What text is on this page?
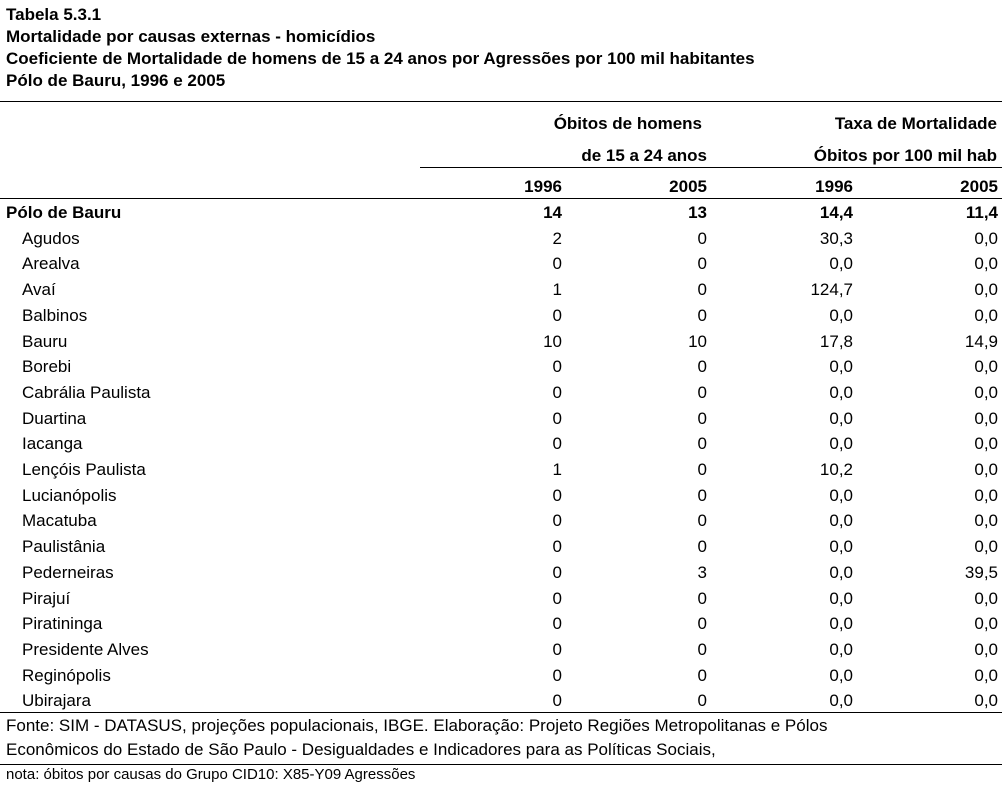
Tabela 5.3.1
Mortalidade por causas externas - homicídios
Coeficiente de Mortalidade de homens de 15 a 24 anos por Agressões por 100 mil habitantes
Pólo de Bauru, 1996 e 2005
Óbitos de homens
de 15 a 24 anos
Taxa de Mortalidade
Óbitos por 100 mil hab
1996	2005	1996	2005
Pólo de Bauru	14	13	14,4	11,4
Agudos	2	0	30,3	0,0
Arealva	0	0	0,0	0,0
Avaí	1	0	124,7	0,0
Balbinos	0	0	0,0	0,0
Bauru	10	10	17,8	14,9
Borebi	0	0	0,0	0,0
Cabrália Paulista	0	0	0,0	0,0
Duartina	0	0	0,0	0,0
Iacanga	0	0	0,0	0,0
Lençóis Paulista	1	0	10,2	0,0
Lucianópolis	0	0	0,0	0,0
Macatuba	0	0	0,0	0,0
Paulistânia	0	0	0,0	0,0
Pederneiras	0	3	0,0	39,5
Pirajuí	0	0	0,0	0,0
Piratininga	0	0	0,0	0,0
Presidente Alves	0	0	0,0	0,0
Reginópolis	0	0	0,0	0,0
Ubirajara	0	0	0,0	0,0
Fonte: SIM - DATASUS, projeções populacionais, IBGE. Elaboração: Projeto Regiões Metropolitanas e Pólos
Econômicos do Estado de São Paulo - Desigualdades e Indicadores para as Políticas Sociais,
nota: óbitos por causas do Grupo CID10: X85-Y09 Agressões
